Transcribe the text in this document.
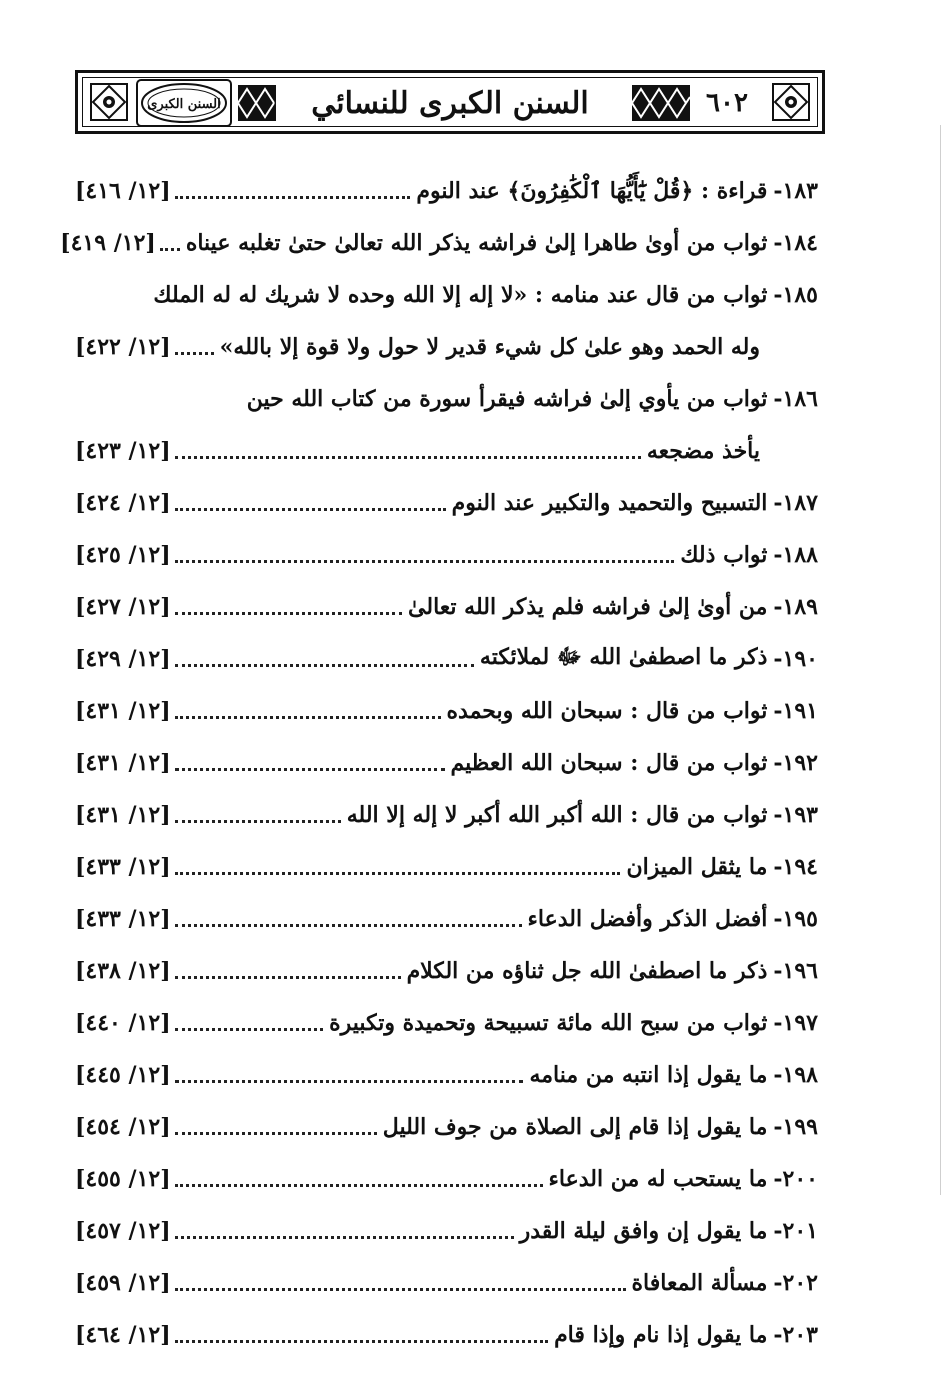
٦٠٢
السنن الكبرى للنسائي
السنن الكبرى
١٨٣-
قراءة : ﴿قُلْ يَٰٓأَيُّهَا ٱلْكَٰفِرُونَ﴾ عند النوم
[١٢/ ٤١٦]
١٨٤-
ثواب من أوىٰ طاهرا إلىٰ فراشه يذكر الله تعالىٰ حتىٰ تغلبه عيناه
[١٢/ ٤١٩]
١٨٥-
ثواب من قال عند منامه : «لا إله إلا الله وحده لا شريك له له الملك
وله الحمد وهو علىٰ كل شيء قدير لا حول ولا قوة إلا بالله»
[١٢/ ٤٢٢]
١٨٦-
ثواب من يأوي إلىٰ فراشه فيقرأ سورة من كتاب الله حين
يأخذ مضجعه
[١٢/ ٤٢٣]
١٨٧-
التسبيح والتحميد والتكبير عند النوم
[١٢/ ٤٢٤]
١٨٨-
ثواب ذلك
[١٢/ ٤٢٥]
١٨٩-
من أوىٰ إلىٰ فراشه فلم يذكر الله تعالىٰ
[١٢/ ٤٢٧]
١٩٠-
ذكر ما اصطفىٰ الله ﷻ لملائكته
[١٢/ ٤٢٩]
١٩١-
ثواب من قال : سبحان الله وبحمده
[١٢/ ٤٣١]
١٩٢-
ثواب من قال : سبحان الله العظيم
[١٢/ ٤٣١]
١٩٣-
ثواب من قال : الله أكبر الله أكبر لا إله إلا الله
[١٢/ ٤٣١]
١٩٤-
ما يثقل الميزان
[١٢/ ٤٣٣]
١٩٥-
أفضل الذكر وأفضل الدعاء
[١٢/ ٤٣٣]
١٩٦-
ذكر ما اصطفىٰ الله جل ثناؤه من الكلام
[١٢/ ٤٣٨]
١٩٧-
ثواب من سبح الله مائة تسبيحة وتحميدة وتكبيرة
[١٢/ ٤٤٠]
١٩٨-
ما يقول إذا انتبه من منامه
[١٢/ ٤٤٥]
١٩٩-
ما يقول إذا قام إلى الصلاة من جوف الليل
[١٢/ ٤٥٤]
٢٠٠-
ما يستحب له من الدعاء
[١٢/ ٤٥٥]
٢٠١-
ما يقول إن وافق ليلة القدر
[١٢/ ٤٥٧]
٢٠٢-
مسألة المعافاة
[١٢/ ٤٥٩]
٢٠٣-
ما يقول إذا نام وإذا قام
[١٢/ ٤٦٤]
